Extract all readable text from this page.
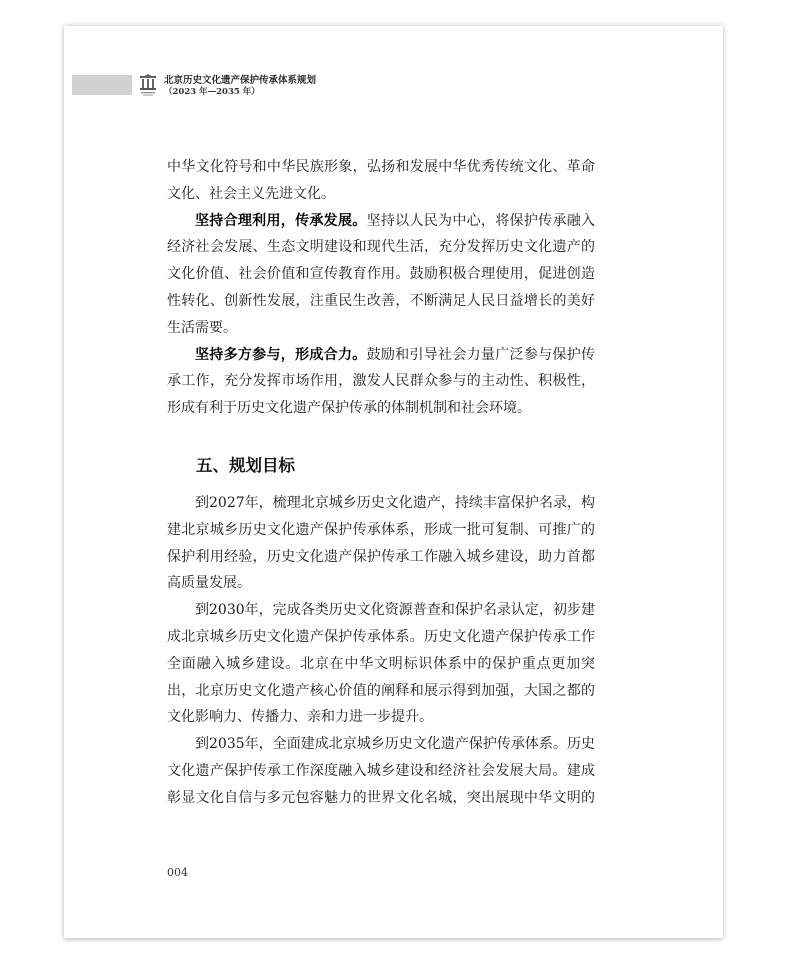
北京历史文化遗产保护传承体系规划
（2023 年—2035 年）
中华文化符号和中华民族形象，弘扬和发展中华优秀传统文化、革命
文化、社会主义先进文化。
坚持合理利用，传承发展。坚持以人民为中心，将保护传承融入
经济社会发展、生态文明建设和现代生活，充分发挥历史文化遗产的
文化价值、社会价值和宣传教育作用。鼓励积极合理使用，促进创造
性转化、创新性发展，注重民生改善，不断满足人民日益增长的美好
生活需要。
坚持多方参与，形成合力。鼓励和引导社会力量广泛参与保护传
承工作，充分发挥市场作用，激发人民群众参与的主动性、积极性，
形成有利于历史文化遗产保护传承的体制机制和社会环境。
五、规划目标
到2027年，梳理北京城乡历史文化遗产，持续丰富保护名录，构
建北京城乡历史文化遗产保护传承体系，形成一批可复制、可推广的
保护利用经验，历史文化遗产保护传承工作融入城乡建设，助力首都
高质量发展。
到2030年，完成各类历史文化资源普查和保护名录认定，初步建
成北京城乡历史文化遗产保护传承体系。历史文化遗产保护传承工作
全面融入城乡建设。北京在中华文明标识体系中的保护重点更加突
出，北京历史文化遗产核心价值的阐释和展示得到加强，大国之都的
文化影响力、传播力、亲和力进一步提升。
到2035年，全面建成北京城乡历史文化遗产保护传承体系。历史
文化遗产保护传承工作深度融入城乡建设和经济社会发展大局。建成
彰显文化自信与多元包容魅力的世界文化名城，突出展现中华文明的
004
